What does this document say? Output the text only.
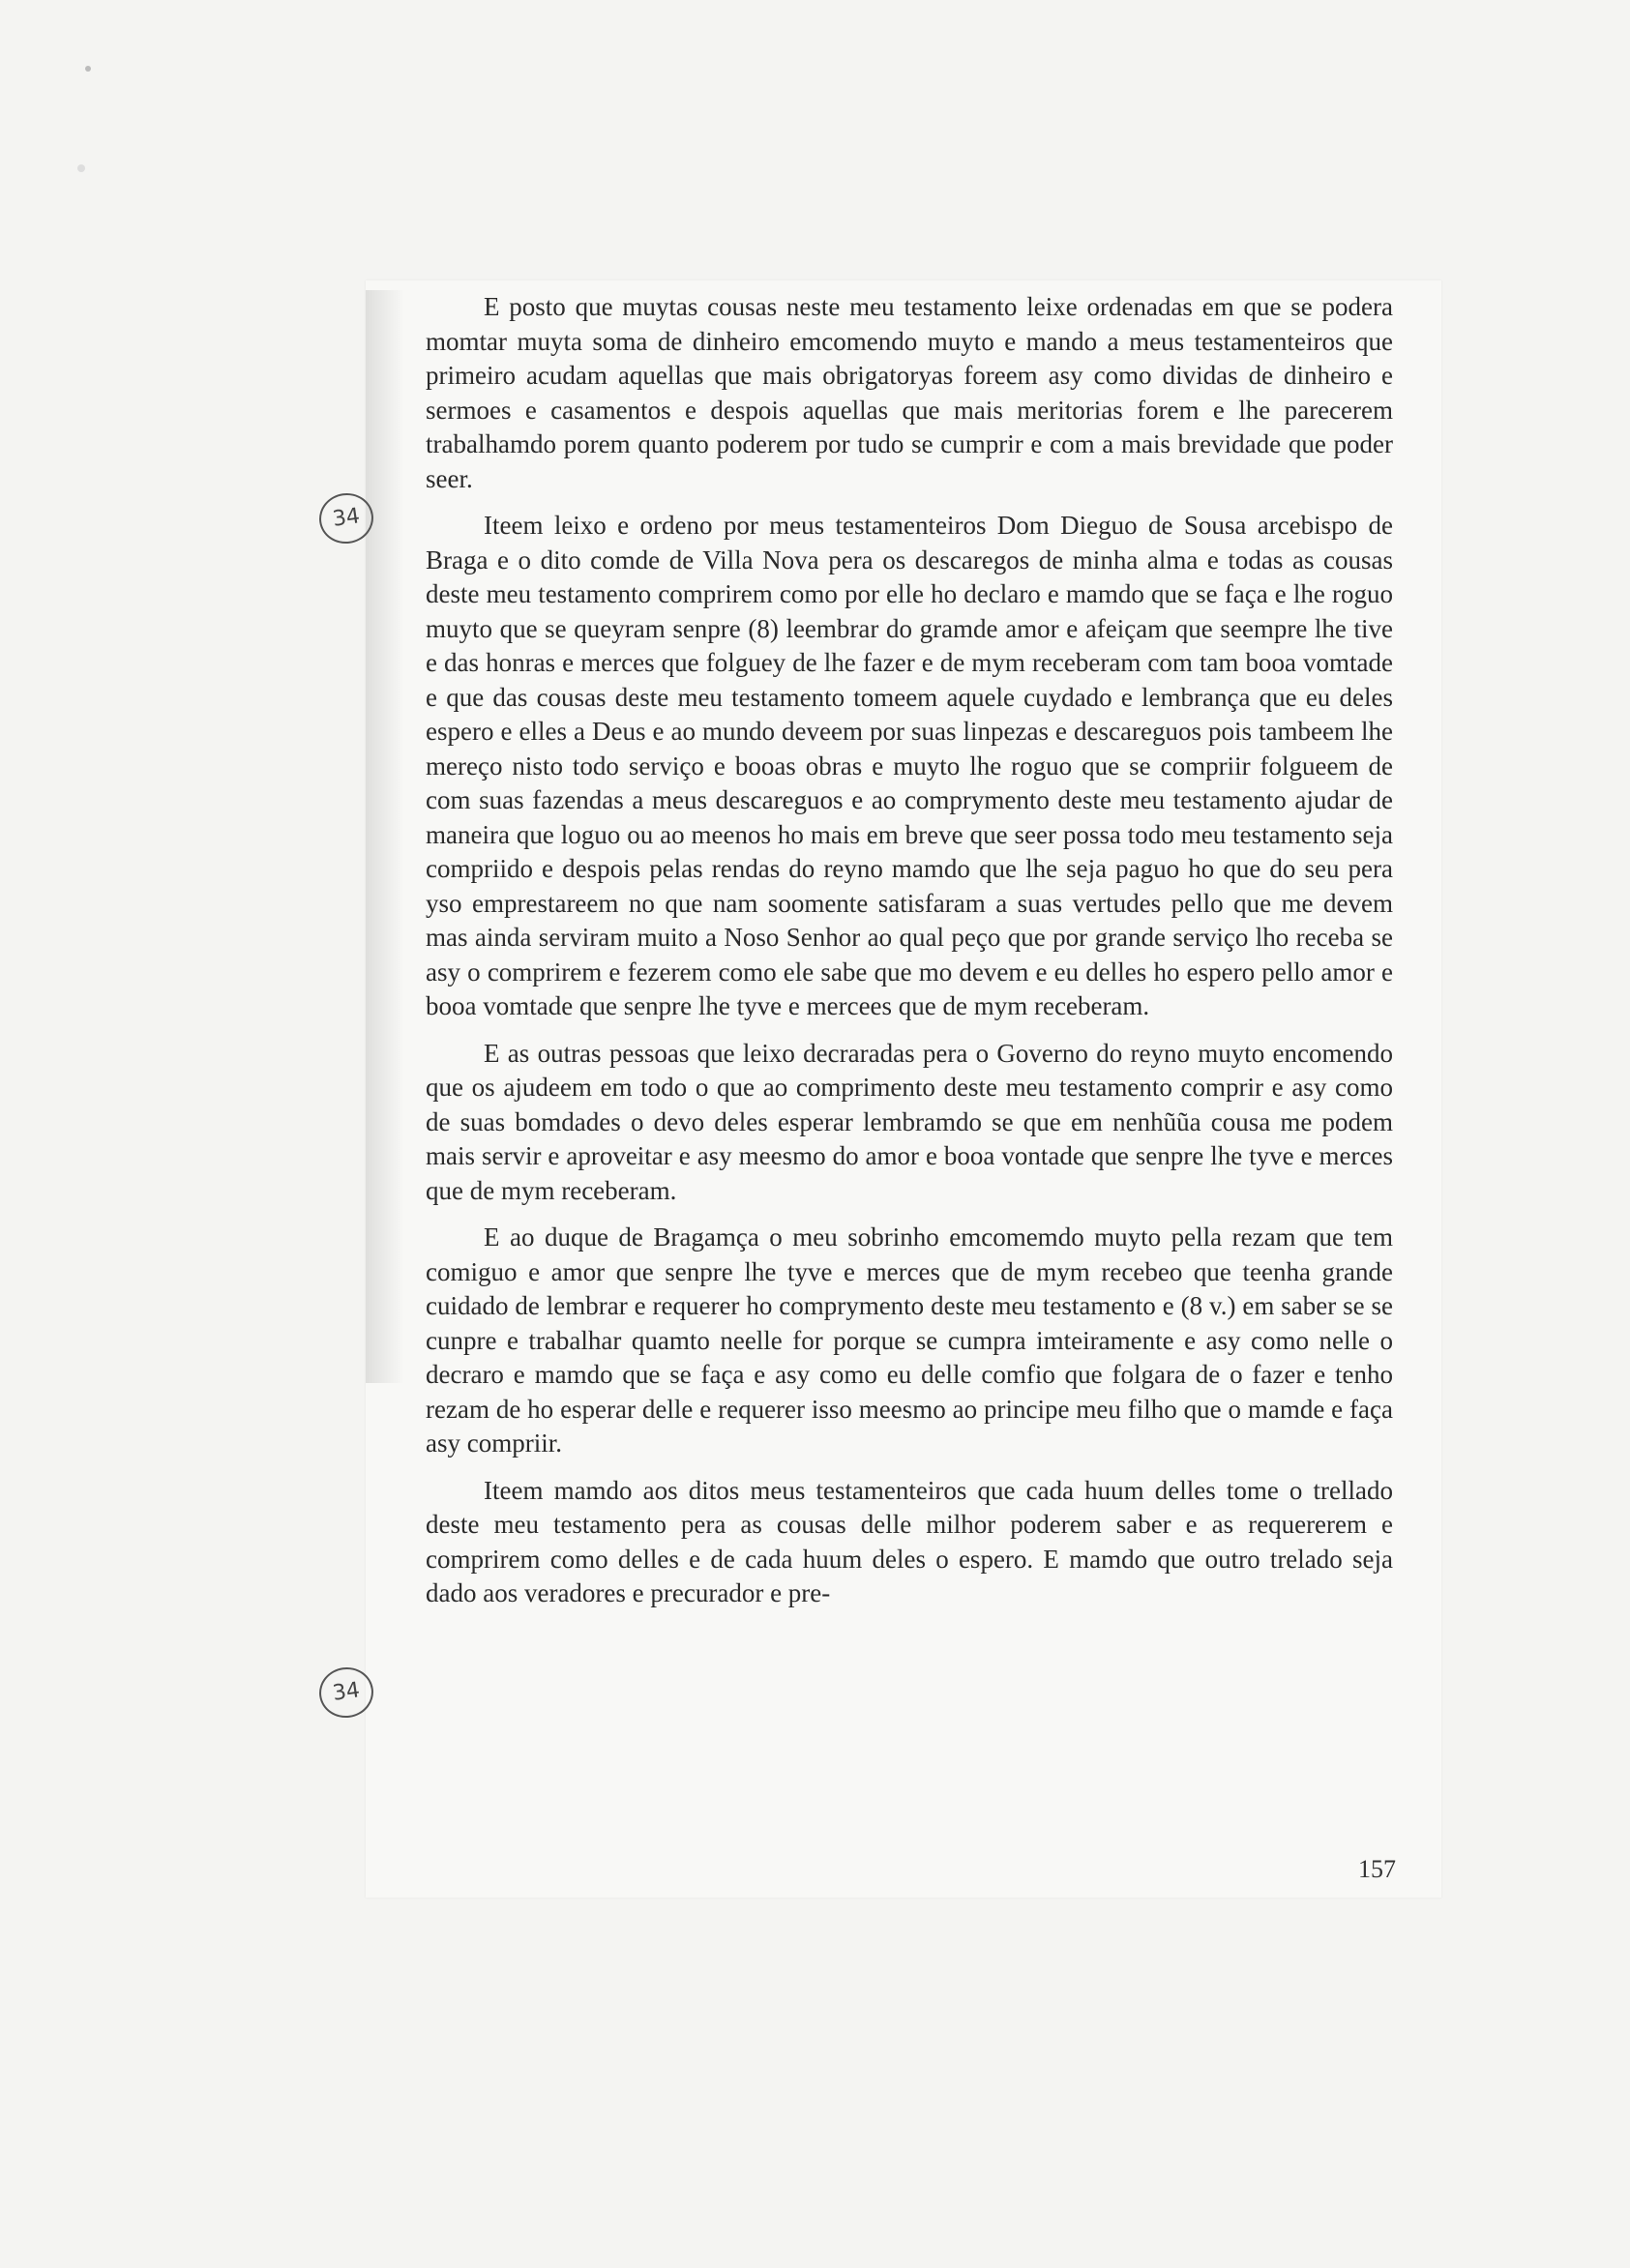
E posto que muytas cousas neste meu testamento leixe ordenadas em que se podera momtar muyta soma de dinheiro emcomendo muyto e mando a meus testamenteiros que primeiro acudam aquellas que mais obrigatoryas foreem asy como dividas de dinheiro e sermoes e casamentos e despois aquellas que mais meritorias forem e lhe parecerem trabalhamdo porem quanto poderem por tudo se cumprir e com a mais brevidade que poder seer.

Iteem leixo e ordeno por meus testamenteiros Dom Dieguo de Sousa arcebispo de Braga e o dito comde de Villa Nova pera os descaregos de minha alma e todas as cousas deste meu testamento comprirem como por elle ho declaro e mamdo que se faça e lhe roguo muyto que se queyram senpre (8) leembrar do gramde amor e afeiçam que seempre lhe tive e das honras e merces que folguey de lhe fazer e de mym receberam com tam booa vomtade e que das cousas deste meu testamento tomeem aquele cuydado e lembrança que eu deles espero e elles a Deus e ao mundo deveem por suas linpezas e descareguos pois tambeem lhe mereço nisto todo serviço e booas obras e muyto lhe roguo que se compriir folgueem de com suas fazendas a meus descareguos e ao comprymento deste meu testamento ajudar de maneira que loguo ou ao meenos ho mais em breve que seer possa todo meu testamento seja compriido e despois pelas rendas do reyno mamdo que lhe seja paguo ho que do seu pera yso emprestareem no que nam soomente satisfaram a suas vertudes pello que me devem mas ainda serviram muito a Noso Senhor ao qual peço que por grande serviço lho receba se asy o comprirem e fezerem como ele sabe que mo devem e eu delles ho espero pello amor e booa vomtade que senpre lhe tyve e mercees que de mym receberam.

E as outras pessoas que leixo decraradas pera o Governo do reyno muyto encomendo que os ajudeem em todo o que ao comprimento deste meu testamento comprir e asy como de suas bomdades o devo deles esperar lembramdo se que em nenhũũa cousa me podem mais servir e aproveitar e asy meesmo do amor e booa vontade que senpre lhe tyve e merces que de mym receberam.

E ao duque de Bragamça o meu sobrinho emcomemdo muyto pella rezam que tem comiguo e amor que senpre lhe tyve e merces que de mym recebeo que teenha grande cuidado de lembrar e requerer ho comprymento deste meu testamento e (8 v.) em saber se se cunpre e trabalhar quamto neelle for porque se cumpra imteiramente e asy como nelle o decraro e mamdo que se faça e asy como eu delle comfio que folgara de o fazer e tenho rezam de ho esperar delle e requerer isso meesmo ao principe meu filho que o mamde e faça asy compriir.

Iteem mamdo aos ditos meus testamenteiros que cada huum delles tome o trellado deste meu testamento pera as cousas delle milhor poderem saber e as requererem e comprirem como delles e de cada huum deles o espero. E mamdo que outro trelado seja dado aos veradores e precurador e pre-

34
34
157
